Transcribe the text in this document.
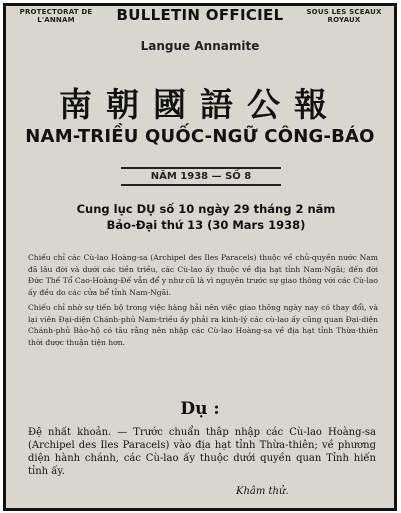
PROTECTORAT DE L'ANNAM	BULLETIN OFFICIEL	SOUS LES SCEAUX ROYAUX
Langue Annamite
南朝國語公報
NAM-TRIỀU QUỐC-NGỮ CÔNG-BÁO
NĂM 1938 — SỐ 8
Cung lục DỤ số 10 ngày 29 tháng 2 năm
Bảo-Đại thứ 13 (30 Mars 1938)
Chiếu chỉ các Cù-lao Hoàng-sa (Archipel des Iles Paracels) thuộc về chủ-quyền nước Nam đã lâu đời và dưới các tiền triều, các Cù-lao ấy thuộc về địa hạt tỉnh Nam-Ngãi; đến đời Đức Thế Tổ Cao-Hoàng-Đế vẫn để y như cũ là vì nguyên trước sự giao thông với các Cù-lao ấy đều do các cửa bể tỉnh Nam-Ngãi.
Chiếu chỉ nhờ sự tiến bộ trong việc hàng hải nên việc giao thông ngày nay có thay đổi, và lại viên Đại-diện Chánh-phủ Nam-triều ấy phải ra kinh-lý các cù-lao ấy cũng quan Đại-diện Chánh-phủ Bảo-hộ có tâu rằng nên nhập các Cù-lao Hoàng-sa về địa hạt tỉnh Thừa-thiên thời được thuận tiện hơn.
Dụ :
Đệ nhất khoản. — Trước chuẩn thâp nhập các Cù-lao Hoàng-sa (Archipel des Iles Paracels) vào địa hạt tỉnh Thừa-thiên; về phương diện hành chánh, các Cù-lao ấy thuộc dưới quyền quan Tỉnh hiến tỉnh ấy.
Khâm thử.
